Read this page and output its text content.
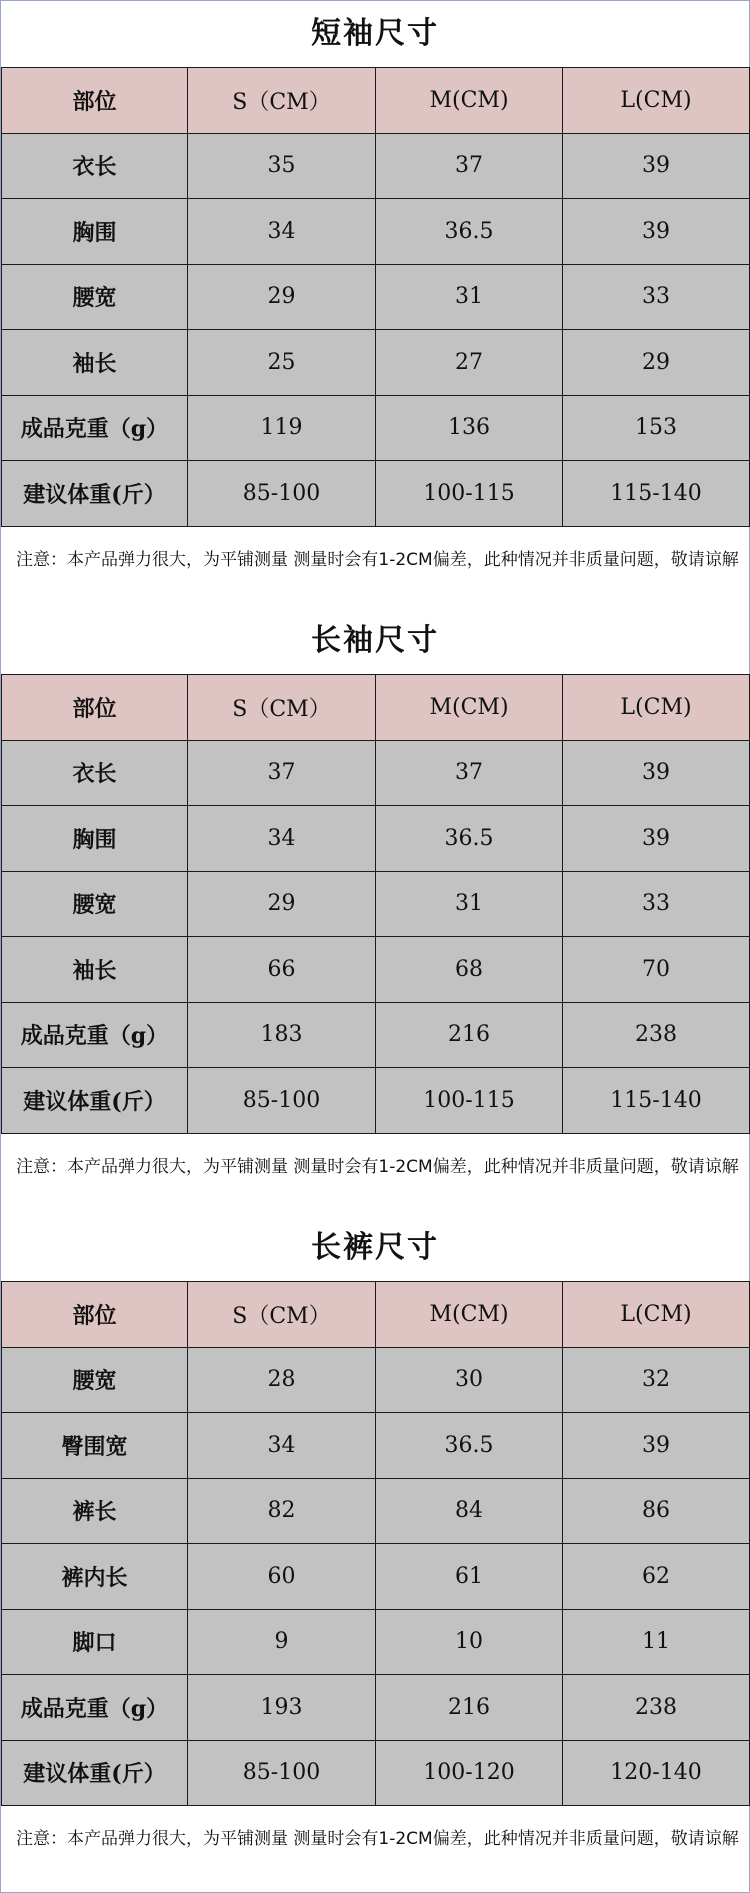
短袖尺寸
部位	S（CM）	M(CM)	L(CM)
衣长	35	37	39
胸围	34	36.5	39
腰宽	29	31	33
袖长	25	27	29
成品克重（g）	119	136	153
建议体重(斤）	85-100	100-115	115-140
注意：本产品弹力很大，为平铺测量 测量时会有1-2CM偏差，此种情况并非质量问题，敬请谅解
长袖尺寸
部位	S（CM）	M(CM)	L(CM)
衣长	37	37	39
胸围	34	36.5	39
腰宽	29	31	33
袖长	66	68	70
成品克重（g）	183	216	238
建议体重(斤）	85-100	100-115	115-140
注意：本产品弹力很大，为平铺测量 测量时会有1-2CM偏差，此种情况并非质量问题，敬请谅解
长裤尺寸
部位	S（CM）	M(CM)	L(CM)
腰宽	28	30	32
臀围宽	34	36.5	39
裤长	82	84	86
裤内长	60	61	62
脚口	9	10	11
成品克重（g）	193	216	238
建议体重(斤）	85-100	100-120	120-140
注意：本产品弹力很大，为平铺测量 测量时会有1-2CM偏差，此种情况并非质量问题，敬请谅解
